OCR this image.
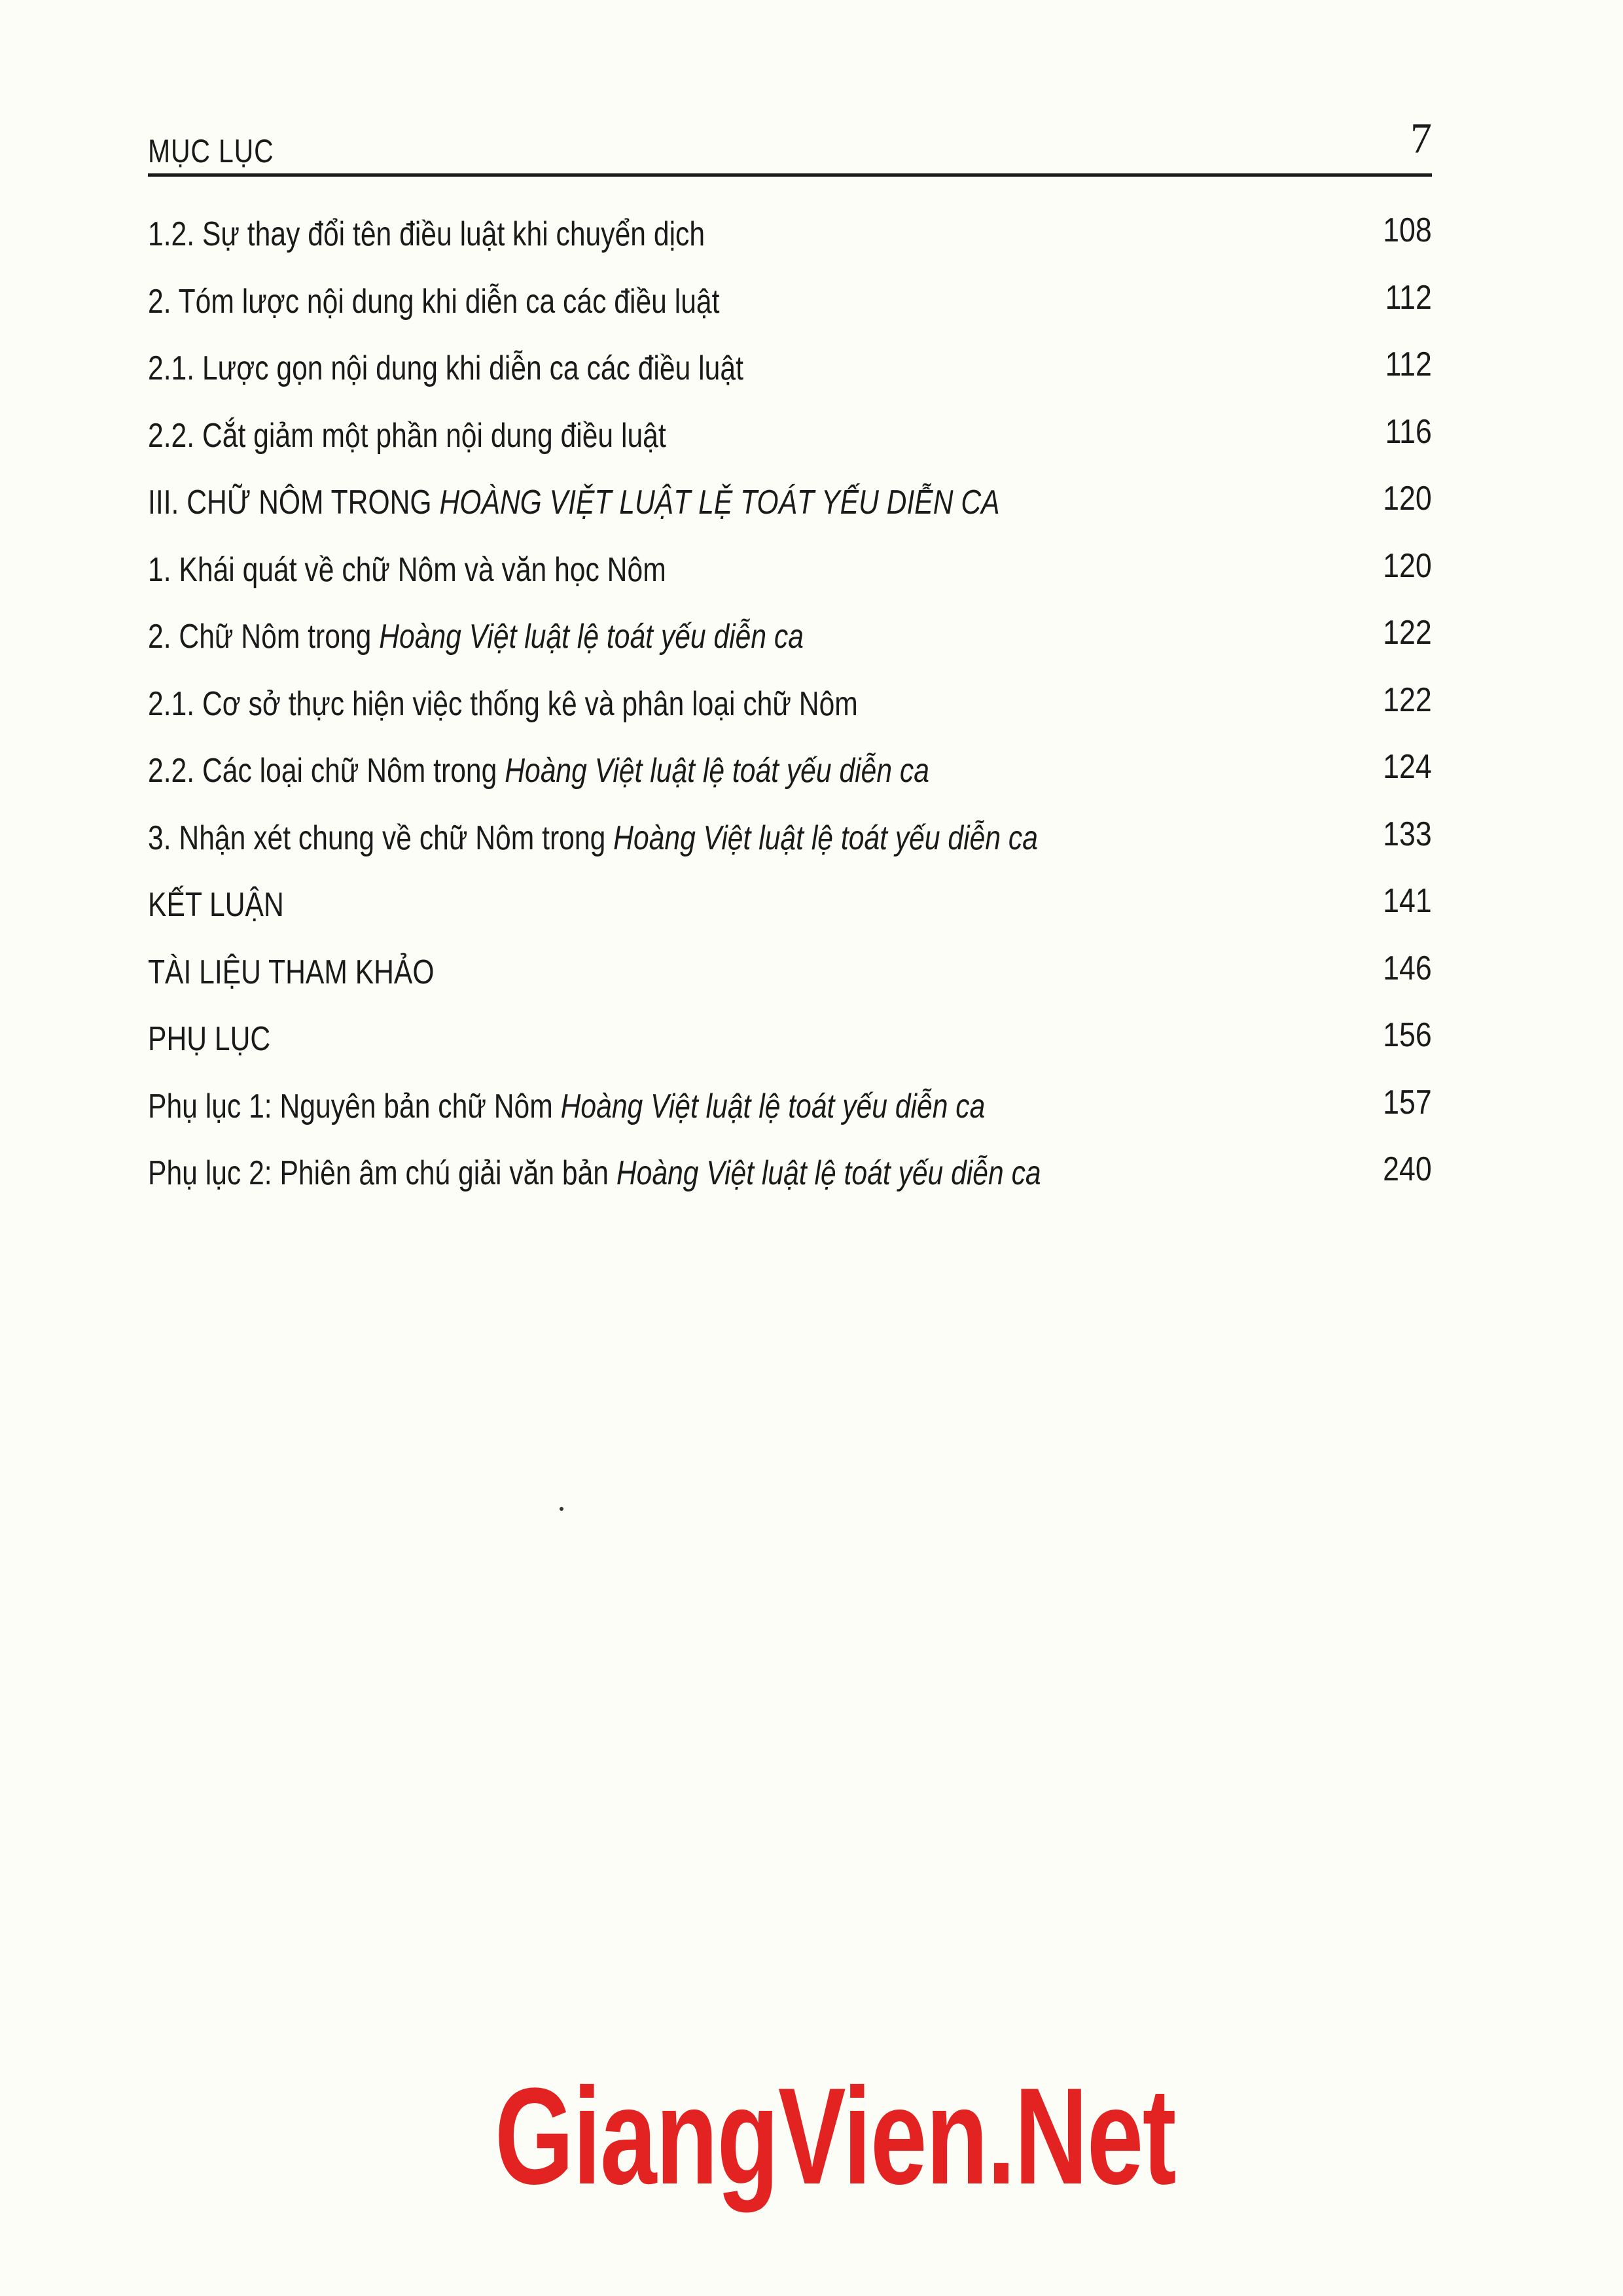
MỤC LỤC	7
1.2. Sự thay đổi tên điều luật khi chuyển dịch	108
2. Tóm lược nội dung khi diễn ca các điều luật	112
2.1. Lược gọn nội dung khi diễn ca các điều luật	112
2.2. Cắt giảm một phần nội dung điều luật	116
III. CHỮ NÔM TRONG HOÀNG VIỆT LUẬT LỆ TOÁT YẾU DIỄN CA	120
1. Khái quát về chữ Nôm và văn học Nôm	120
2. Chữ Nôm trong Hoàng Việt luật lệ toát yếu diễn ca	122
2.1. Cơ sở thực hiện việc thống kê và phân loại chữ Nôm	122
2.2. Các loại chữ Nôm trong Hoàng Việt luật lệ toát yếu diễn ca	124
3. Nhận xét chung về chữ Nôm trong Hoàng Việt luật lệ toát yếu diễn ca	133
KẾT LUẬN	141
TÀI LIỆU THAM KHẢO	146
PHỤ LỤC	156
Phụ lục 1: Nguyên bản chữ Nôm Hoàng Việt luật lệ toát yếu diễn ca	157
Phụ lục 2: Phiên âm chú giải văn bản Hoàng Việt luật lệ toát yếu diễn ca	240
GiangVien.Net
